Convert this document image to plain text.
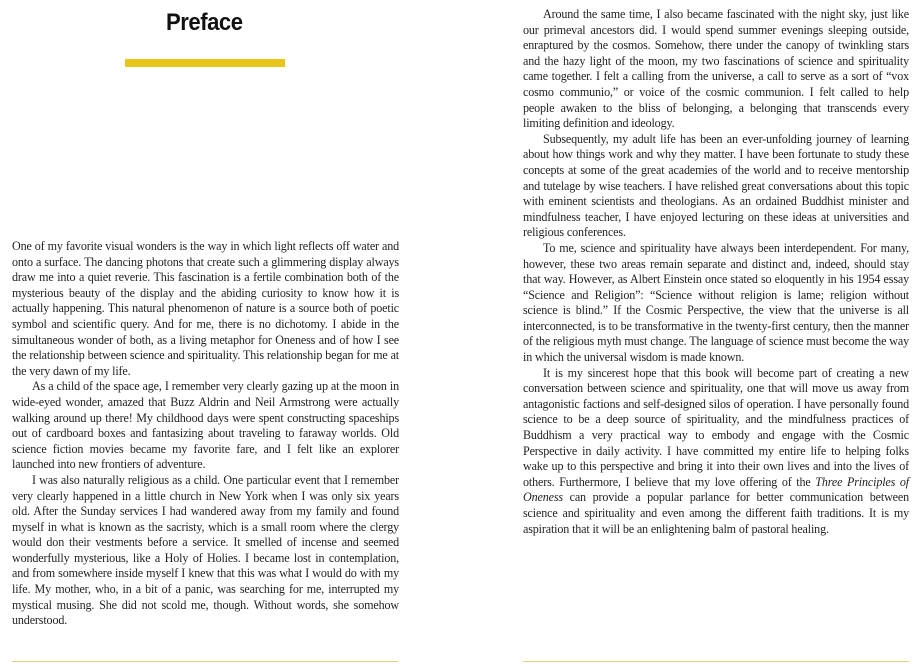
Preface

One of my favorite visual wonders is the way in which light reflects off water and onto a surface. The dancing photons that create such a glimmering display always draw me into a quiet reverie. This fascination is a fertile combination both of the mysterious beauty of the display and the abiding curiosity to know how it is actually happening. This natural phenomenon of nature is a source both of poetic symbol and scientific query. And for me, there is no dichotomy. I abide in the simultaneous wonder of both, as a living metaphor for Oneness and of how I see the relationship between science and spirituality. This relationship began for me at the very dawn of my life.

As a child of the space age, I remember very clearly gazing up at the moon in wide-eyed wonder, amazed that Buzz Aldrin and Neil Armstrong were actually walking around up there! My childhood days were spent constructing spaceships out of cardboard boxes and fantasizing about traveling to faraway worlds. Old science fiction movies became my favorite fare, and I felt like an explorer launched into new frontiers of adventure.

I was also naturally religious as a child. One particular event that I remember very clearly happened in a little church in New York when I was only six years old. After the Sunday services I had wandered away from my family and found myself in what is known as the sacristy, which is a small room where the clergy would don their vestments before a service. It smelled of incense and seemed wonderfully mysterious, like a Holy of Holies. I became lost in contemplation, and from somewhere inside myself I knew that this was what I would do with my life. My mother, who, in a bit of a panic, was searching for me, interrupted my mystical musing. She did not scold me, though. Without words, she somehow understood.

Around the same time, I also became fascinated with the night sky, just like our primeval ancestors did. I would spend summer evenings sleeping outside, enraptured by the cosmos. Somehow, there under the canopy of twinkling stars and the hazy light of the moon, my two fascinations of science and spirituality came together. I felt a calling from the universe, a call to serve as a sort of “vox cosmo communio,” or voice of the cosmic communion. I felt called to help people awaken to the bliss of belonging, a belonging that transcends every limiting definition and ideology.

Subsequently, my adult life has been an ever-unfolding journey of learning about how things work and why they matter. I have been fortunate to study these concepts at some of the great academies of the world and to receive mentorship and tutelage by wise teachers. I have relished great conversations about this topic with eminent scientists and theologians. As an ordained Buddhist minister and mindfulness teacher, I have enjoyed lecturing on these ideas at universities and religious conferences.

To me, science and spirituality have always been interdependent. For many, however, these two areas remain separate and distinct and, indeed, should stay that way. However, as Albert Einstein once stated so eloquently in his 1954 essay “Science and Religion”: “Science without religion is lame; religion without science is blind.” If the Cosmic Perspective, the view that the universe is all interconnected, is to be transformative in the twenty-first century, then the manner of the religious myth must change. The language of science must become the way in which the universal wisdom is made known.

It is my sincerest hope that this book will become part of creating a new conversation between science and spirituality, one that will move us away from antagonistic factions and self-designed silos of operation. I have personally found science to be a deep source of spirituality, and the mindfulness practices of Buddhism a very practical way to embody and engage with the Cosmic Perspective in daily activity. I have committed my entire life to helping folks wake up to this perspective and bring it into their own lives and into the lives of others. Furthermore, I believe that my love offering of the Three Principles of Oneness can provide a popular parlance for better communication between science and spirituality and even among the different faith traditions. It is my aspiration that it will be an enlightening balm of pastoral healing.
